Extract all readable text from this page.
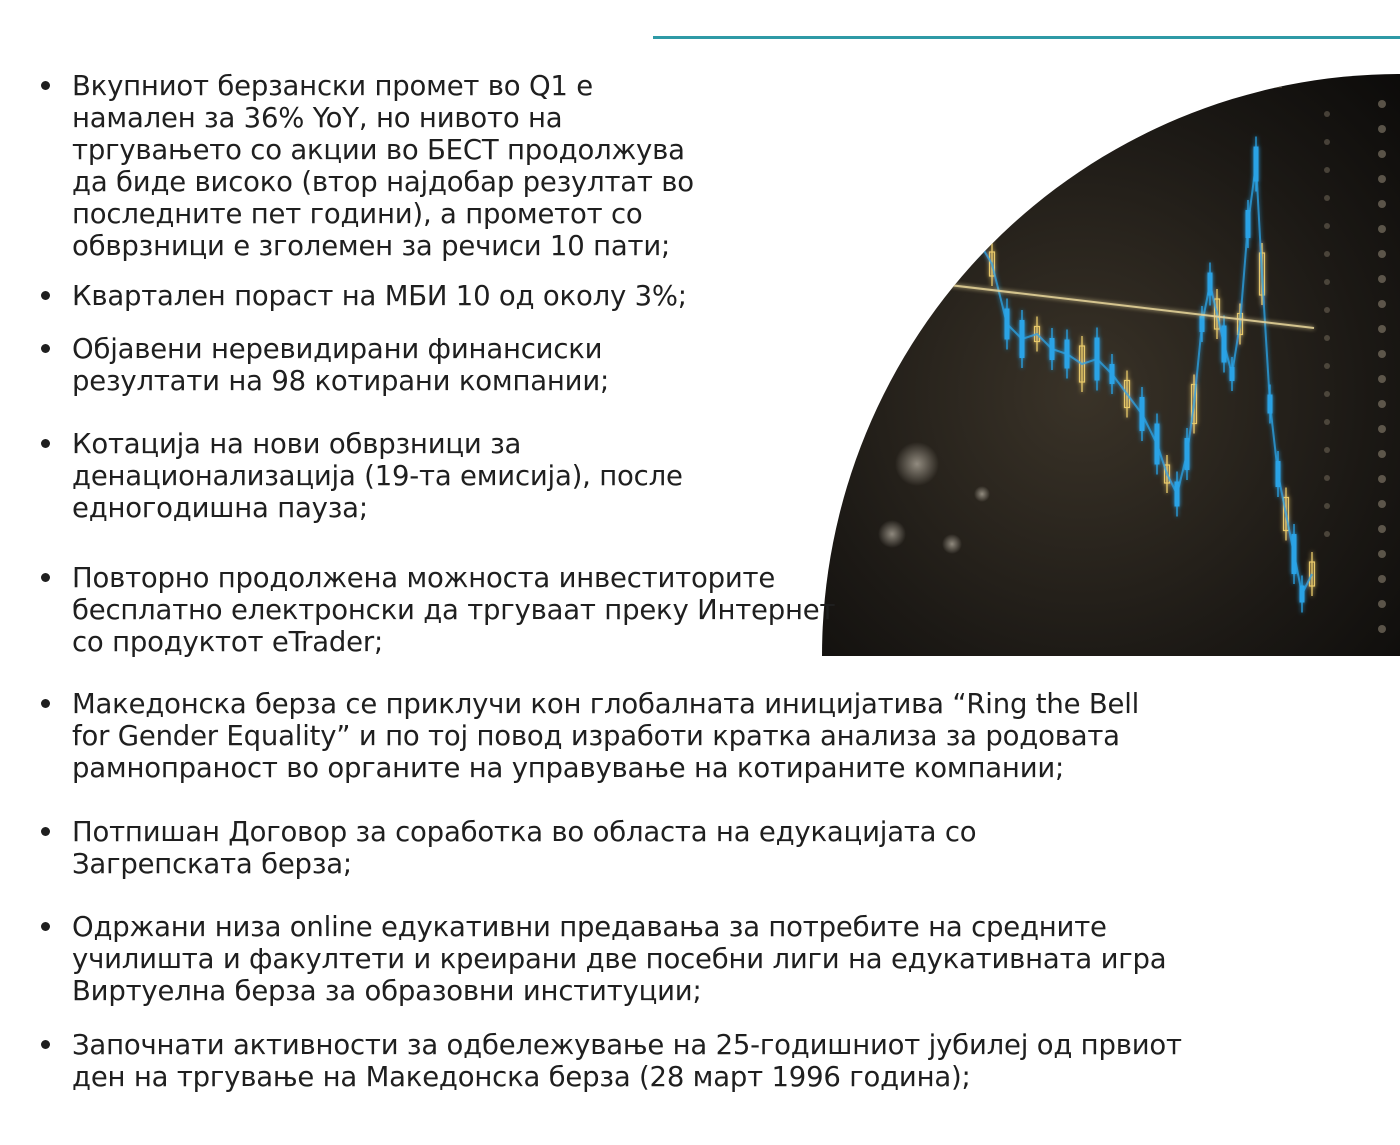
Вкупниот берзански промет во Q1 е
намален за 36% YoY, но нивото на
тргувањето со акции во БЕСТ продолжува
да биде високо (втор најдобар резултат во
последните пет години), а прометот со
обврзници е зголемен за речиси 10 пати;
Квартален пораст на МБИ 10 од околу 3%;
Објавени неревидирани финансиски
резултати на 98 котирани компании;
Котација на нови обврзници за
денационализација (19-та емисија), после
едногодишна пауза;
Повторно продолжена можноста инвеститорите
бесплатно електронски да тргуваат преку Интернет
со продуктот eTrader;
Македонска берза се приклучи кон глобалната иницијатива “Ring the Bell
for Gender Equality” и по тој повод изработи кратка анализа за родовата
рамнопраност во органите на управување на котираните компании;
Потпишан Договор за соработка во областа на едукацијата со
Загрепската берза;
Одржани низа online едукативни предавања за потребите на средните
училишта и факултети и креирани две посебни лиги на едукативната игра
Виртуелна берза за образовни институции;
Започнати активности за одбележување на 25-годишниот јубилеј од првиот
ден на тргување на Македонска берза (28 март 1996 година);
